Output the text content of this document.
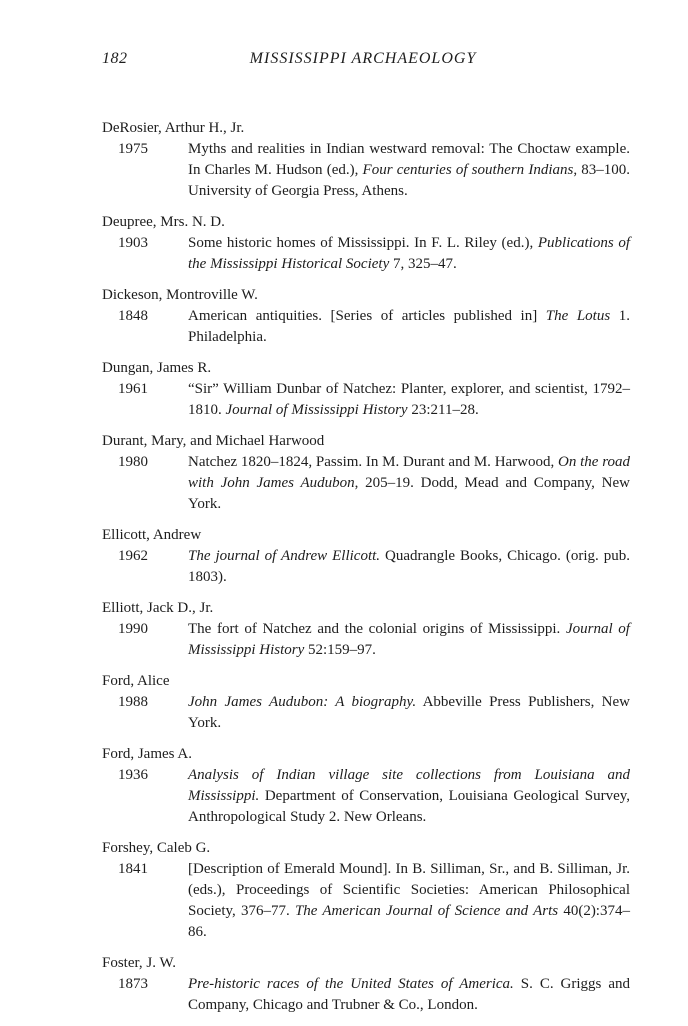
182	MISSISSIPPI ARCHAEOLOGY
DeRosier, Arthur H., Jr.
1975	Myths and realities in Indian westward removal: The Choctaw example. In Charles M. Hudson (ed.), Four centuries of southern Indians, 83–100. University of Georgia Press, Athens.
Deupree, Mrs. N. D.
1903	Some historic homes of Mississippi. In F. L. Riley (ed.), Publications of the Mississippi Historical Society 7, 325–47.
Dickeson, Montroville W.
1848	American antiquities. [Series of articles published in] The Lotus 1. Philadelphia.
Dungan, James R.
1961	“Sir” William Dunbar of Natchez: Planter, explorer, and scientist, 1792–1810. Journal of Mississippi History 23:211–28.
Durant, Mary, and Michael Harwood
1980	Natchez 1820–1824, Passim. In M. Durant and M. Harwood, On the road with John James Audubon, 205–19. Dodd, Mead and Company, New York.
Ellicott, Andrew
1962	The journal of Andrew Ellicott. Quadrangle Books, Chicago. (orig. pub. 1803).
Elliott, Jack D., Jr.
1990	The fort of Natchez and the colonial origins of Mississippi. Journal of Mississippi History 52:159–97.
Ford, Alice
1988	John James Audubon: A biography. Abbeville Press Publishers, New York.
Ford, James A.
1936	Analysis of Indian village site collections from Louisiana and Mississippi. Department of Conservation, Louisiana Geological Survey, Anthropological Study 2. New Orleans.
Forshey, Caleb G.
1841	[Description of Emerald Mound]. In B. Silliman, Sr., and B. Silliman, Jr. (eds.), Proceedings of Scientific Societies: American Philosophical Society, 376–77. The American Journal of Science and Arts 40(2):374–86.
Foster, J. W.
1873	Pre-historic races of the United States of America. S. C. Griggs and Company, Chicago and Trubner & Co., London.
